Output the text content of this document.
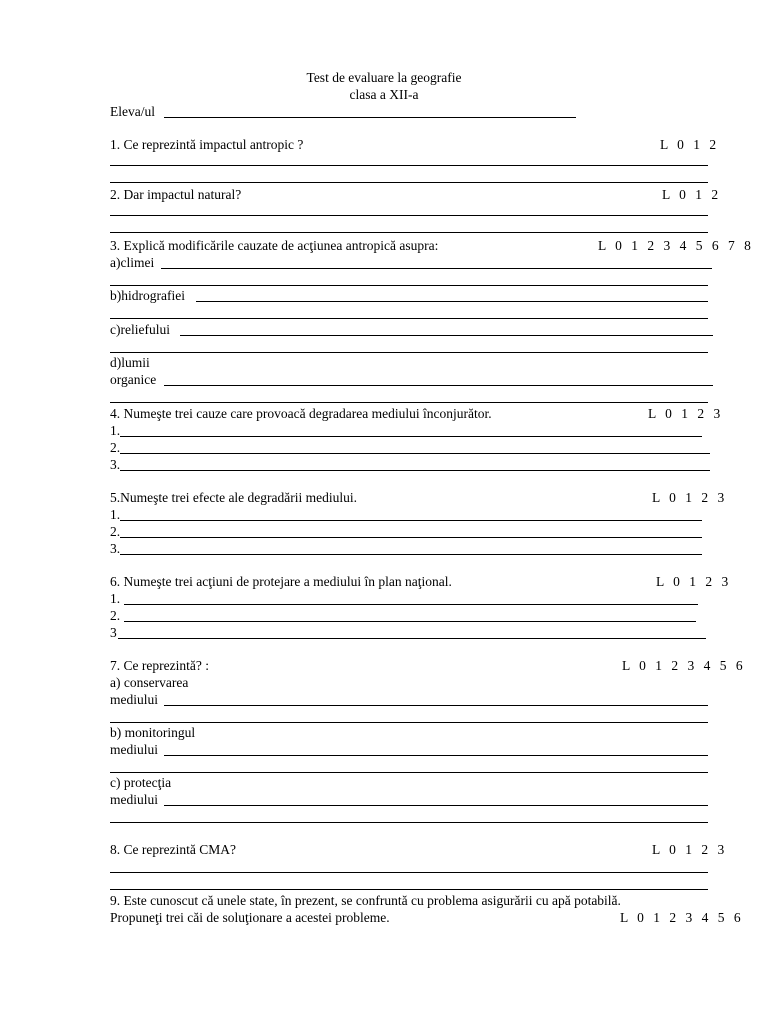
Test de evaluare la geografie
clasa a XII-a
Eleva/ul
1. Ce reprezintă impactul antropic ?	L 0 1 2
2. Dar impactul natural?	L 0 1 2
3. Explică modificările cauzate de acţiunea antropică asupra:	L 0 1 2 3 4 5 6 7 8
a)climei
b)hidrografiei
c)reliefului
d)lumii
organice
4. Numeşte trei cauze care provoacă degradarea mediului înconjurător.	L 0 1 2 3
1.
2.
3.
5.Numeşte trei efecte ale degradării mediului.	L 0 1 2 3
1.
2.
3.
6. Numeşte trei acţiuni de protejare a mediului în plan naţional.	L 0 1 2 3
1.
2.
3
7. Ce reprezintă? :	L 0 1 2 3 4 5 6
a) conservarea
mediului
b) monitoringul
mediului
c) protecţia
mediului
8. Ce reprezintă CMA?	L 0 1 2 3
9. Este cunoscut că unele state, în prezent, se confruntă cu problema asigurării cu apă potabilă.
Propuneţi trei căi de soluţionare a acestei probleme.	L 0 1 2 3 4 5 6
